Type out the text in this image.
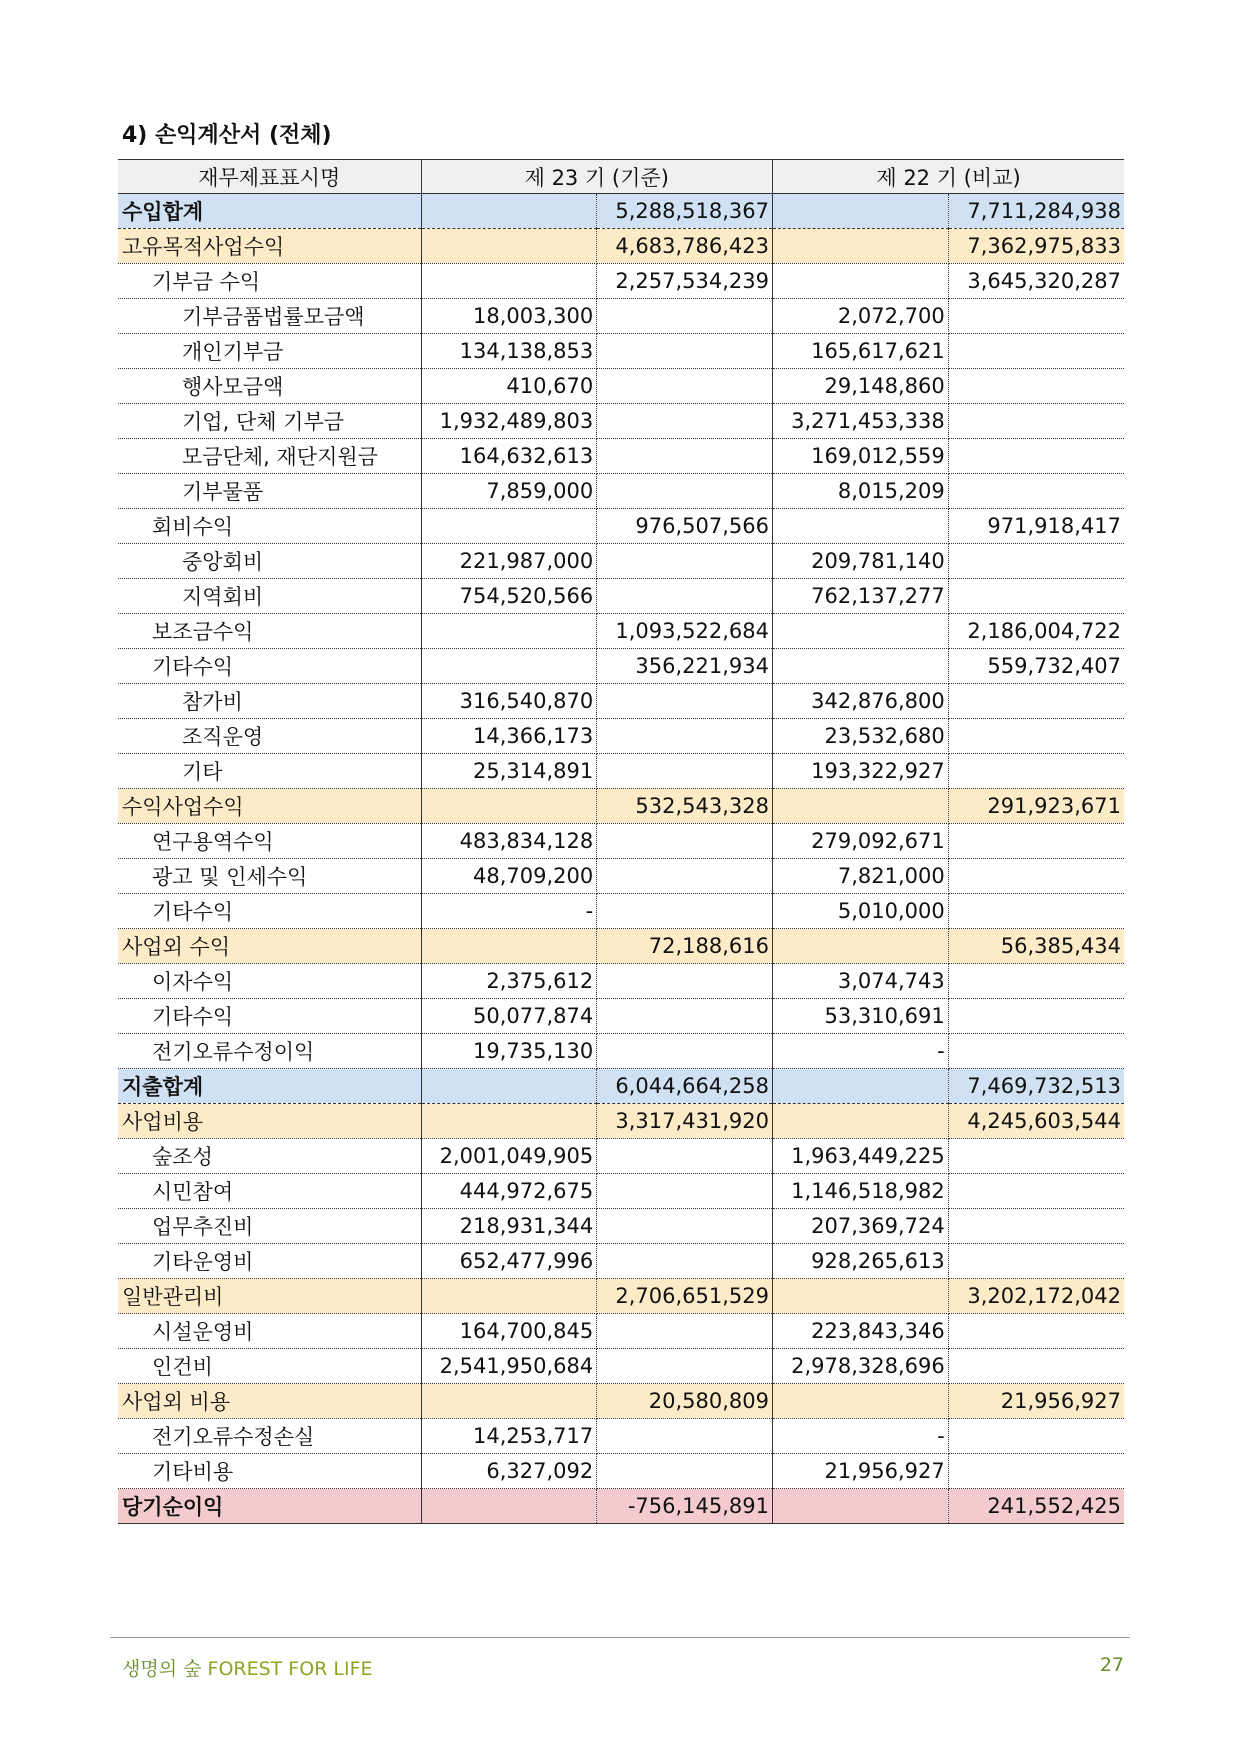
4) 손익계산서 (전체)
재무제표표시명	제 23 기 (기준)		제 22 기 (비교)	
수입합계		5,288,518,367		7,711,284,938
고유목적사업수익		4,683,786,423		7,362,975,833
기부금 수익		2,257,534,239		3,645,320,287
기부금품법률모금액	18,003,300		2,072,700	
개인기부금	134,138,853		165,617,621	
행사모금액	410,670		29,148,860	
기업, 단체 기부금	1,932,489,803		3,271,453,338	
모금단체, 재단지원금	164,632,613		169,012,559	
기부물품	7,859,000		8,015,209	
회비수익		976,507,566		971,918,417
중앙회비	221,987,000		209,781,140	
지역회비	754,520,566		762,137,277	
보조금수익		1,093,522,684		2,186,004,722
기타수익		356,221,934		559,732,407
참가비	316,540,870		342,876,800	
조직운영	14,366,173		23,532,680	
기타	25,314,891		193,322,927	
수익사업수익		532,543,328		291,923,671
연구용역수익	483,834,128		279,092,671	
광고 및 인세수익	48,709,200		7,821,000	
기타수익	-		5,010,000	
사업외 수익		72,188,616		56,385,434
이자수익	2,375,612		3,074,743	
기타수익	50,077,874		53,310,691	
전기오류수정이익	19,735,130		-	
지출합계		6,044,664,258		7,469,732,513
사업비용		3,317,431,920		4,245,603,544
숲조성	2,001,049,905		1,963,449,225	
시민참여	444,972,675		1,146,518,982	
업무추진비	218,931,344		207,369,724	
기타운영비	652,477,996		928,265,613	
일반관리비		2,706,651,529		3,202,172,042
시설운영비	164,700,845		223,843,346	
인건비	2,541,950,684		2,978,328,696	
사업외 비용		20,580,809		21,956,927
전기오류수정손실	14,253,717		-	
기타비용	6,327,092		21,956,927	
당기순이익		-756,145,891		241,552,425
생명의 숲 FOREST FOR LIFE	27
